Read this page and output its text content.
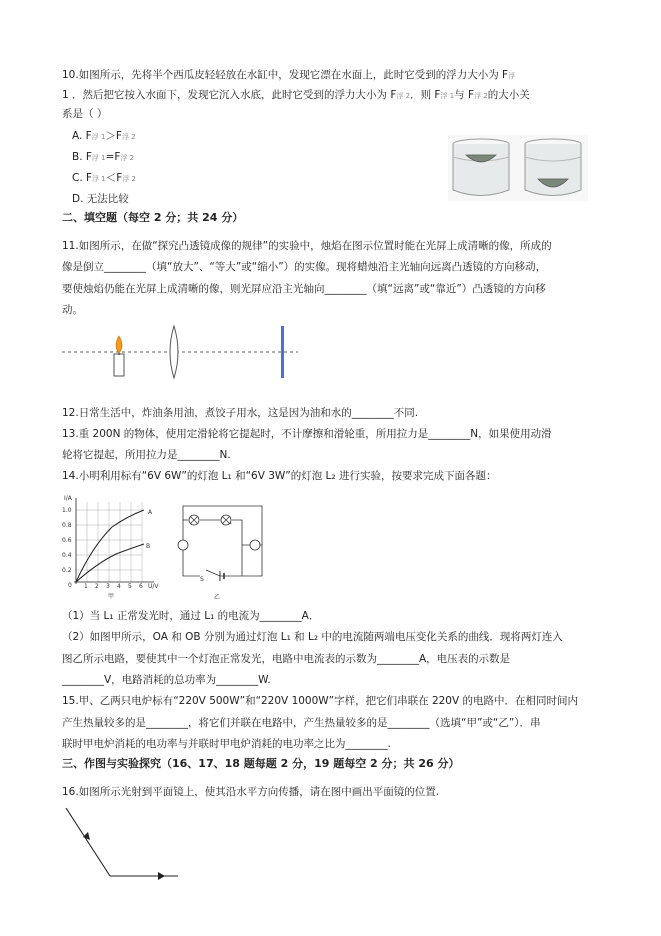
10.如图所示，先将半个西瓜皮轻轻放在水缸中，发现它漂在水面上，此时它受到的浮力大小为 F浮
1 ．然后把它按入水面下，发现它沉入水底，此时它受到的浮力大小为 F浮 2．则 F浮 1与 F浮 2的大小关
系是（ ）
A. F浮 1＞F浮 2
B. F浮 1=F浮 2
C. F浮 1＜F浮 2
D. 无法比较
二、填空题（每空 2 分；共 24 分）
11.如图所示，在做“探究凸透镜成像的规律”的实验中，烛焰在图示位置时能在光屏上成清晰的像，所成的
像是倒立________（填“放大”、“等大”或“缩小”）的实像。现将蜡烛沿主光轴向远离凸透镜的方向移动，
要使烛焰仍能在光屏上成清晰的像，则光屏应沿主光轴向________（填“远离”或“靠近”）凸透镜的方向移
动。
12.日常生活中，炸油条用油，煮饺子用水，这是因为油和水的________不同.
13.重 200N 的物体，使用定滑轮将它提起时，不计摩擦和滑轮重，所用拉力是________N，如果使用动滑
轮将它提起，所用拉力是________N.
14.小明利用标有“6V 6W”的灯泡 L₁ 和“6V 3W”的灯泡 L₂ 进行实验，按要求完成下面各题：
I/A
U/V
1.0
0.8
0.6
0.4
0.2
0 1 2 3 4 5 6
A
B
甲
S
乙
（1）当 L₁ 正常发光时，通过 L₁ 的电流为________A．
（2）如图甲所示，OA 和 OB 分别为通过灯泡 L₁ 和 L₂ 中的电流随两端电压变化关系的曲线．现将两灯连入
图乙所示电路，要使其中一个灯泡正常发光，电路中电流表的示数为________A，电压表的示数是
________V，电路消耗的总功率为________W.
15.甲、乙两只电炉标有“220V 500W”和“220V 1000W”字样，把它们串联在 220V 的电路中．在相同时间内
产生热量较多的是________，将它们并联在电路中，产生热量较多的是________（选填“甲”或“乙”）．串
联时甲电炉消耗的电功率与并联时甲电炉消耗的电功率之比为________.
三、作图与实验探究（16、17、18 题每题 2 分，19 题每空 2 分；共 26 分）
16.如图所示光射到平面镜上，使其沿水平方向传播，请在图中画出平面镜的位置.
